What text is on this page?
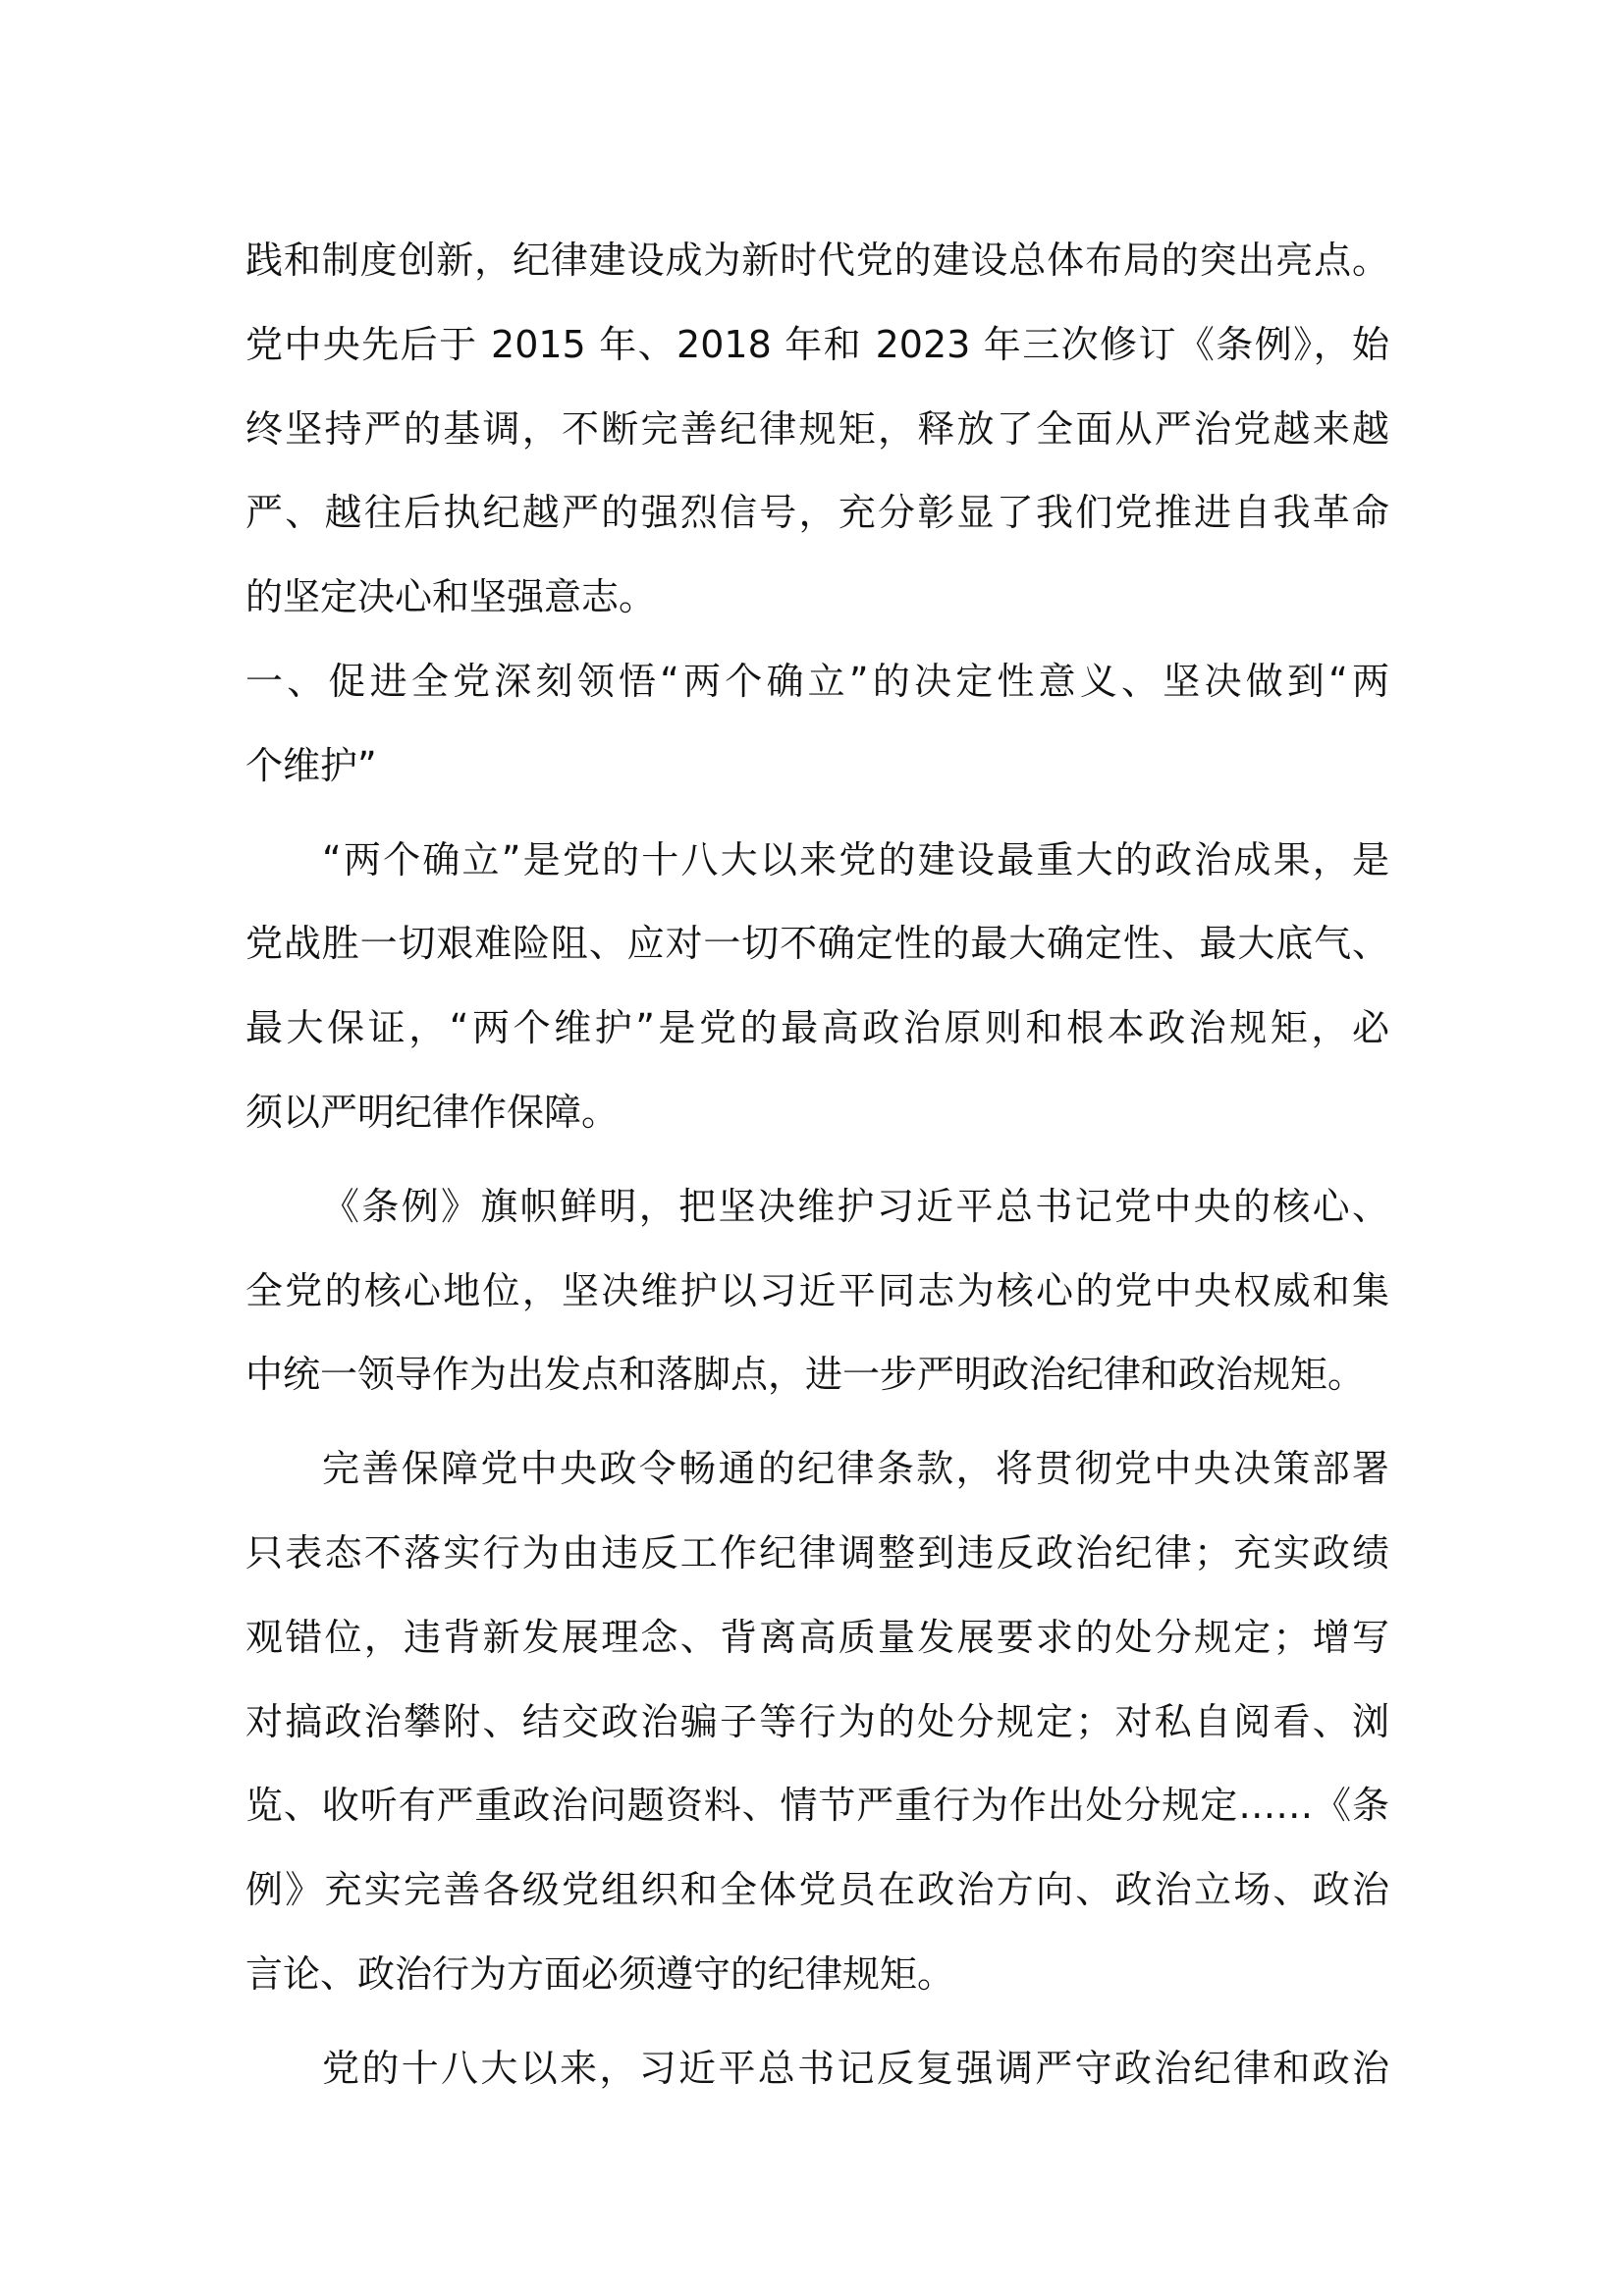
践和制度创新，纪律建设成为新时代党的建设总体布局的突出亮点。
党中央先后于 2015 年、2018 年和 2023 年三次修订《条例》，始
终坚持严的基调，不断完善纪律规矩，释放了全面从严治党越来越
严、越往后执纪越严的强烈信号，充分彰显了我们党推进自我革命
的坚定决心和坚强意志。
一、促进全党深刻领悟“两个确立”的决定性意义、坚决做到“两
个维护”
“两个确立”是党的十八大以来党的建设最重大的政治成果，是
党战胜一切艰难险阻、应对一切不确定性的最大确定性、最大底气、
最大保证，“两个维护”是党的最高政治原则和根本政治规矩，必
须以严明纪律作保障。
《条例》旗帜鲜明，把坚决维护习近平总书记党中央的核心、
全党的核心地位，坚决维护以习近平同志为核心的党中央权威和集
中统一领导作为出发点和落脚点，进一步严明政治纪律和政治规矩。
完善保障党中央政令畅通的纪律条款，将贯彻党中央决策部署
只表态不落实行为由违反工作纪律调整到违反政治纪律；充实政绩
观错位，违背新发展理念、背离高质量发展要求的处分规定；增写
对搞政治攀附、结交政治骗子等行为的处分规定；对私自阅看、浏
览、收听有严重政治问题资料、情节严重行为作出处分规定……《条
例》充实完善各级党组织和全体党员在政治方向、政治立场、政治
言论、政治行为方面必须遵守的纪律规矩。
党的十八大以来，习近平总书记反复强调严守政治纪律和政治
